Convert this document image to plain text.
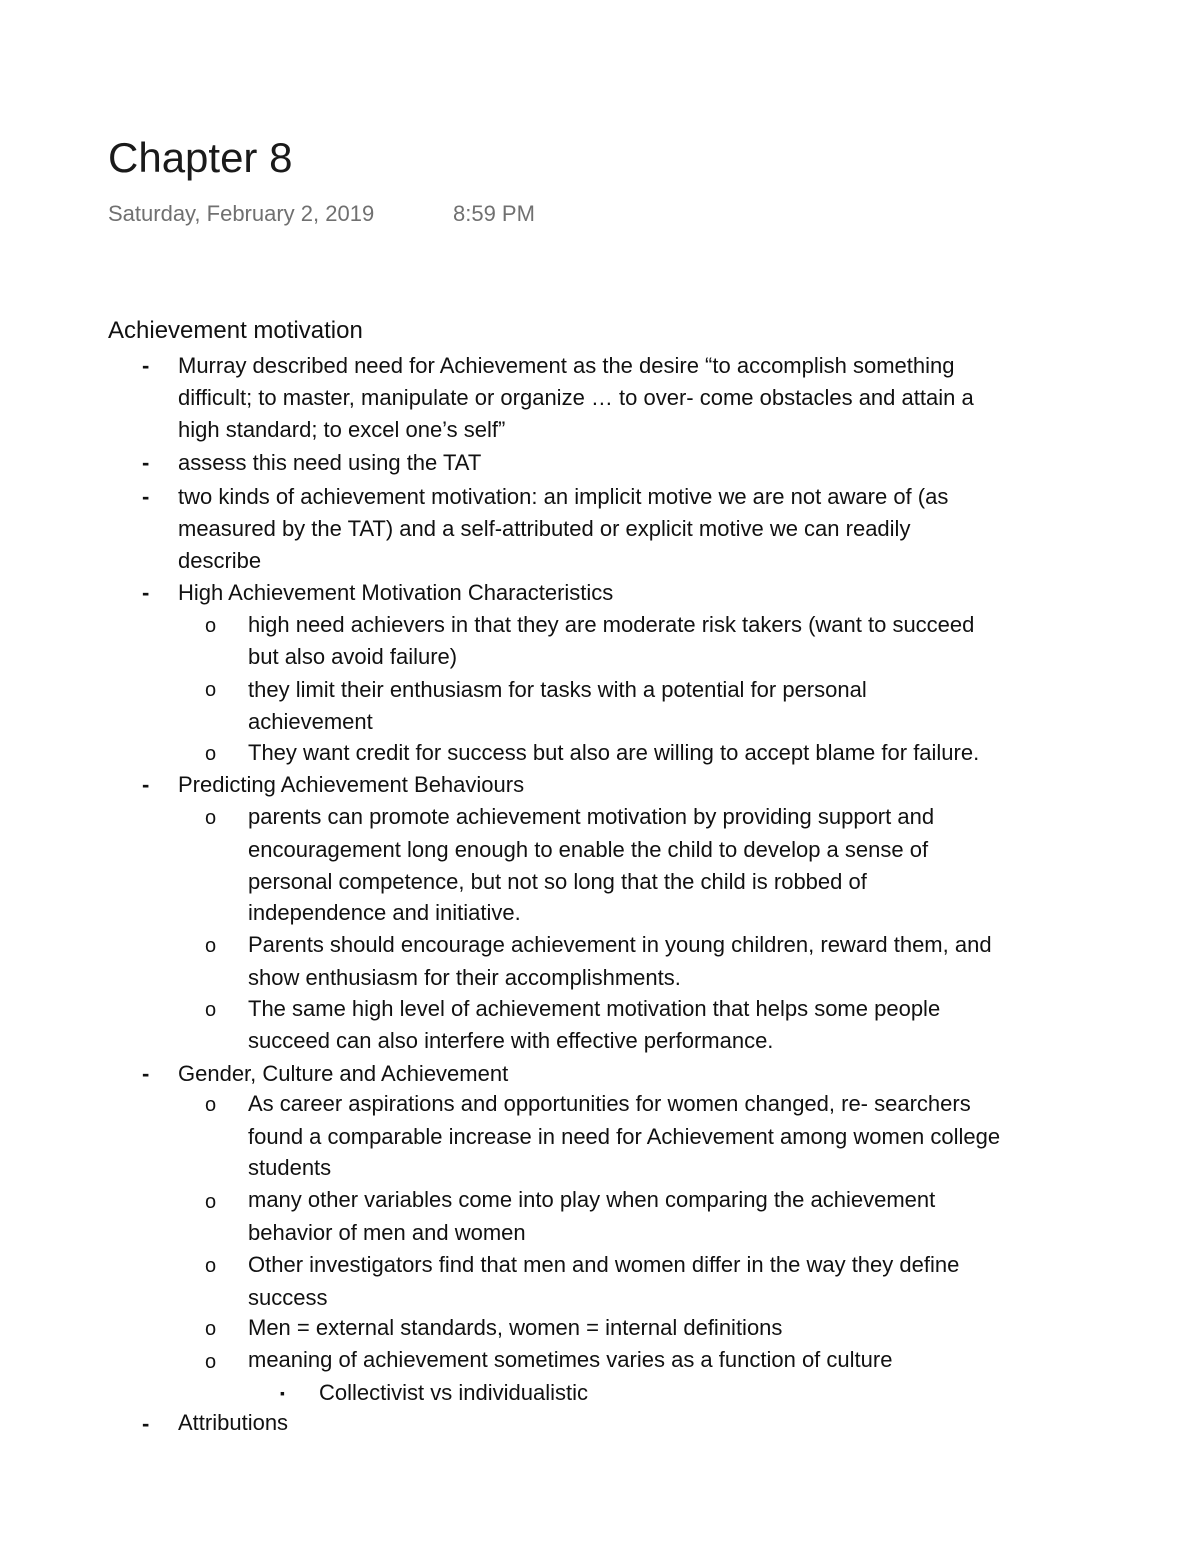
Chapter 8
Saturday, February 2, 2019	8:59 PM
Achievement motivation
- Murray described need for Achievement as the desire “to accomplish something
difficult; to master, manipulate or organize … to over- come obstacles and attain a
high standard; to excel one’s self”
- assess this need using the TAT
- two kinds of achievement motivation: an implicit motive we are not aware of (as
measured by the TAT) and a self-attributed or explicit motive we can readily
describe
- High Achievement Motivation Characteristics
o high need achievers in that they are moderate risk takers (want to succeed
but also avoid failure)
o they limit their enthusiasm for tasks with a potential for personal
achievement
o They want credit for success but also are willing to accept blame for failure.
- Predicting Achievement Behaviours
o parents can promote achievement motivation by providing support and
encouragement long enough to enable the child to develop a sense of
personal competence, but not so long that the child is robbed of
independence and initiative.
o Parents should encourage achievement in young children, reward them, and
show enthusiasm for their accomplishments.
o The same high level of achievement motivation that helps some people
succeed can also interfere with effective performance.
- Gender, Culture and Achievement
o As career aspirations and opportunities for women changed, re- searchers
found a comparable increase in need for Achievement among women college
students
o many other variables come into play when comparing the achievement
behavior of men and women
o Other investigators find that men and women differ in the way they define
success
o Men = external standards, women = internal definitions
o meaning of achievement sometimes varies as a function of culture
▪ Collectivist vs individualistic
- Attributions
